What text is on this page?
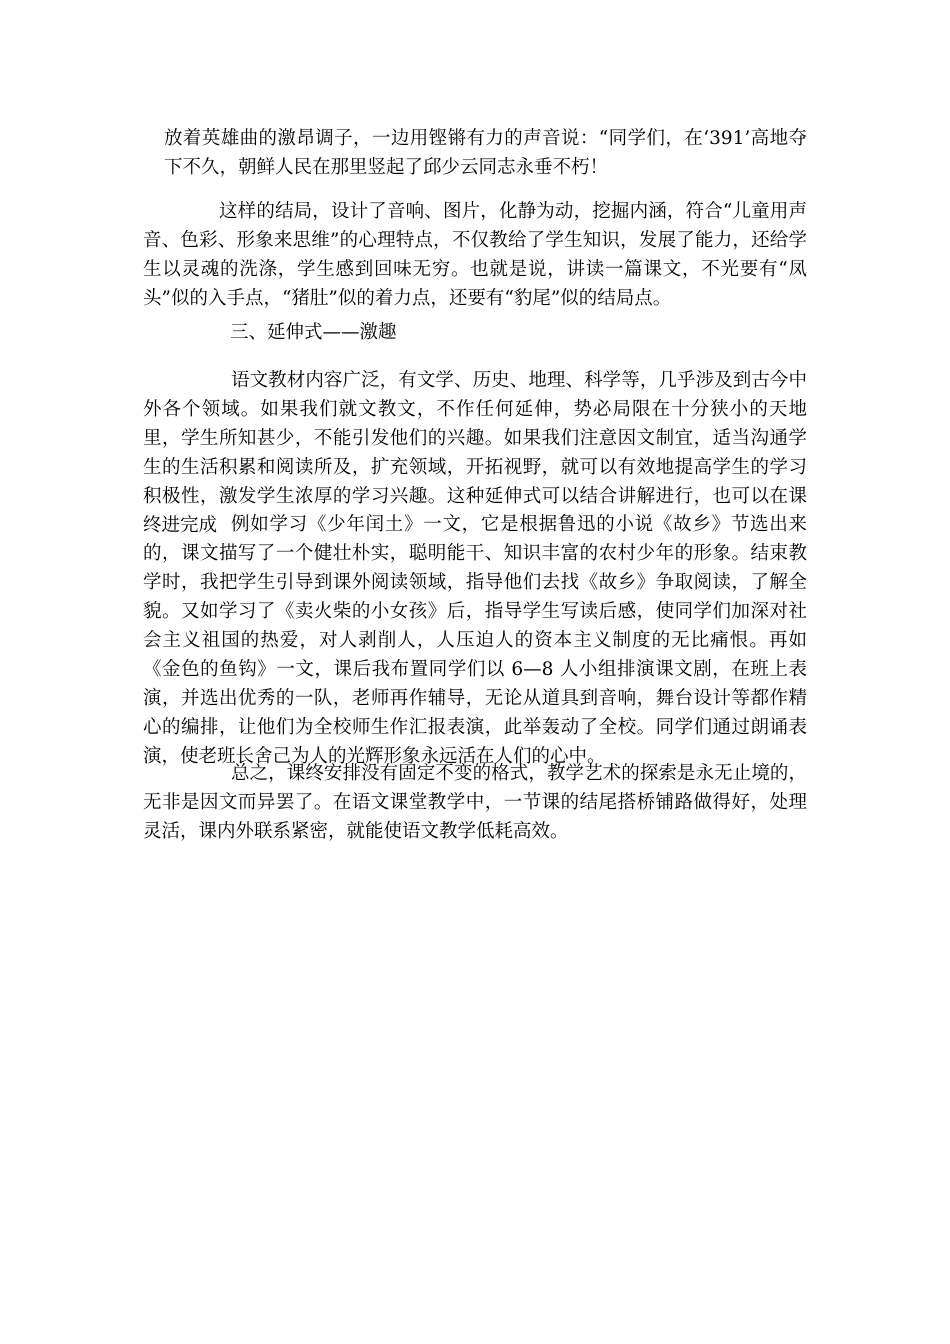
放着英雄曲的激昂调子，一边用铿锵有力的声音说：“同学们，在‘391’高地夺下不久，朝鲜人民在那里竖起了邱少云同志永垂不朽！

这样的结局，设计了音响、图片，化静为动，挖掘内涵，符合“儿童用声音、色彩、形象来思维”的心理特点，不仅教给了学生知识，发展了能力，还给学生以灵魂的洗涤，学生感到回味无穷。也就是说，讲读一篇课文，不光要有“凤头”似的入手点，“猪肚”似的着力点，还要有“豹尾”似的结局点。

三、延伸式——激趣

语文教材内容广泛，有文学、历史、地理、科学等，几乎涉及到古今中外各个领域。如果我们就文教文，不作任何延伸，势必局限在十分狭小的天地里，学生所知甚少，不能引发他们的兴趣。如果我们注意因文制宜，适当沟通学生的生活积累和阅读所及，扩充领域，开拓视野，就可以有效地提高学生的学习积极性，激发学生浓厚的学习兴趣。这种延伸式可以结合讲解进行，也可以在课终进完成 例如学习《少年闰土》一文，它是根据鲁迅的小说《故乡》节选出来的，课文描写了一个健壮朴实，聪明能干、知识丰富的农村少年的形象。结束教学时，我把学生引导到课外阅读领域，指导他们去找《故乡》争取阅读，了解全貌。又如学习了《卖火柴的小女孩》后，指导学生写读后感，使同学们加深对社会主义祖国的热爱，对人剥削人，人压迫人的资本主义制度的无比痛恨。再如《金色的鱼钩》一文，课后我布置同学们以 6—8 人小组排演课文剧，在班上表演，并选出优秀的一队，老师再作辅导，无论从道具到音响，舞台设计等都作精心的编排，让他们为全校师生作汇报表演，此举轰动了全校。同学们通过朗诵表演，使老班长舍己为人的光辉形象永远活在人们的心中。

总之，课终安排没有固定不变的格式，教学艺术的探索是永无止境的，无非是因文而异罢了。在语文课堂教学中，一节课的结尾搭桥铺路做得好，处理灵活，课内外联系紧密，就能使语文教学低耗高效。
